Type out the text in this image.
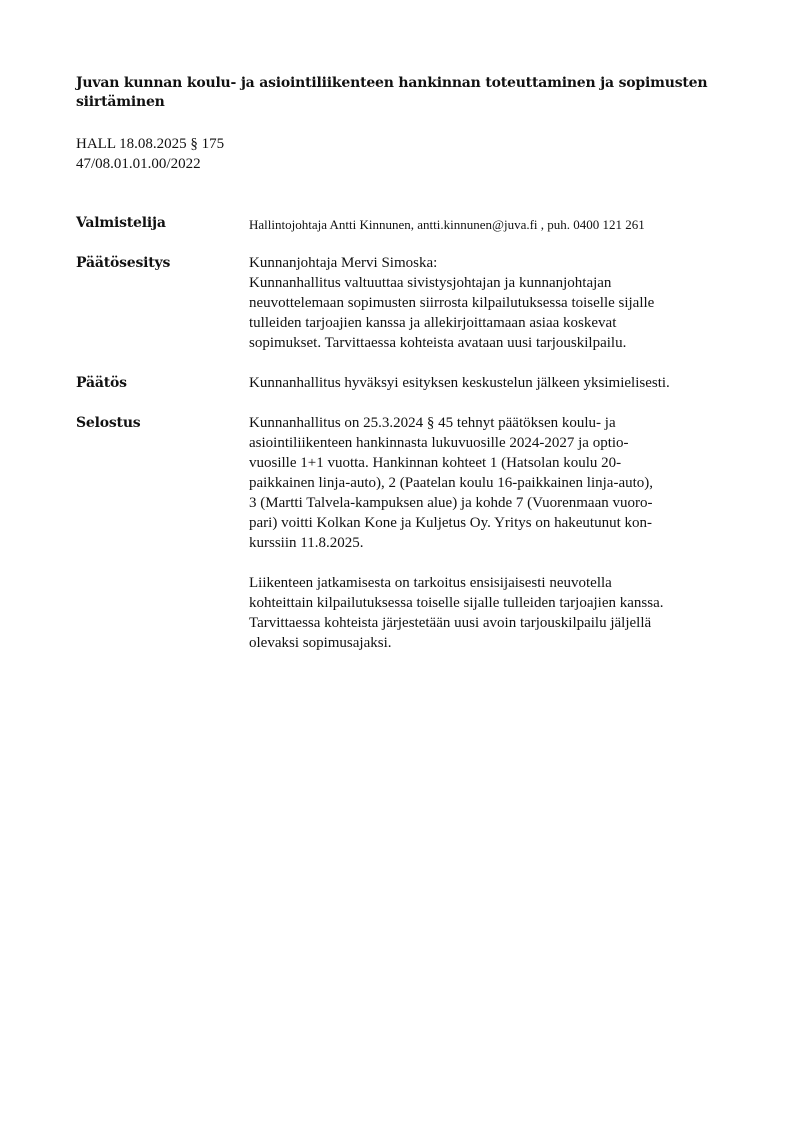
Juvan kunnan koulu- ja asiointiliikenteen hankinnan toteuttaminen ja sopimusten
siirtäminen
HALL 18.08.2025 § 175
47/08.01.01.00/2022
Valmistelija	Hallintojohtaja Antti Kinnunen, antti.kinnunen@juva.fi , puh. 0400 121 261
Päätösesitys	Kunnanjohtaja Mervi Simoska:
Kunnanhallitus valtuuttaa sivistysjohtajan ja kunnanjohtajan
neuvottelemaan sopimusten siirrosta kilpailutuksessa toiselle sijalle
tulleiden tarjoajien kanssa ja allekirjoittamaan asiaa koskevat
sopimukset. Tarvittaessa kohteista avataan uusi tarjouskilpailu.
Päätös	Kunnanhallitus hyväksyi esityksen keskustelun jälkeen yksimielisesti.
Selostus	Kunnanhallitus on 25.3.2024 § 45 tehnyt päätöksen koulu- ja
asiointiliikenteen hankinnasta lukuvuosille 2024-2027 ja optio-
vuosille 1+1 vuotta. Hankinnan kohteet 1 (Hatsolan koulu 20-
paikkainen linja-auto), 2 (Paatelan koulu 16-paikkainen linja-auto),
3 (Martti Talvela-kampuksen alue) ja kohde 7 (Vuorenmaan vuoro-
pari) voitti Kolkan Kone ja Kuljetus Oy. Yritys on hakeutunut kon-
kurssiin 11.8.2025.
Liikenteen jatkamisesta on tarkoitus ensisijaisesti neuvotella
kohteittain kilpailutuksessa toiselle sijalle tulleiden tarjoajien kanssa.
Tarvittaessa kohteista järjestetään uusi avoin tarjouskilpailu jäljellä
olevaksi sopimusajaksi.
